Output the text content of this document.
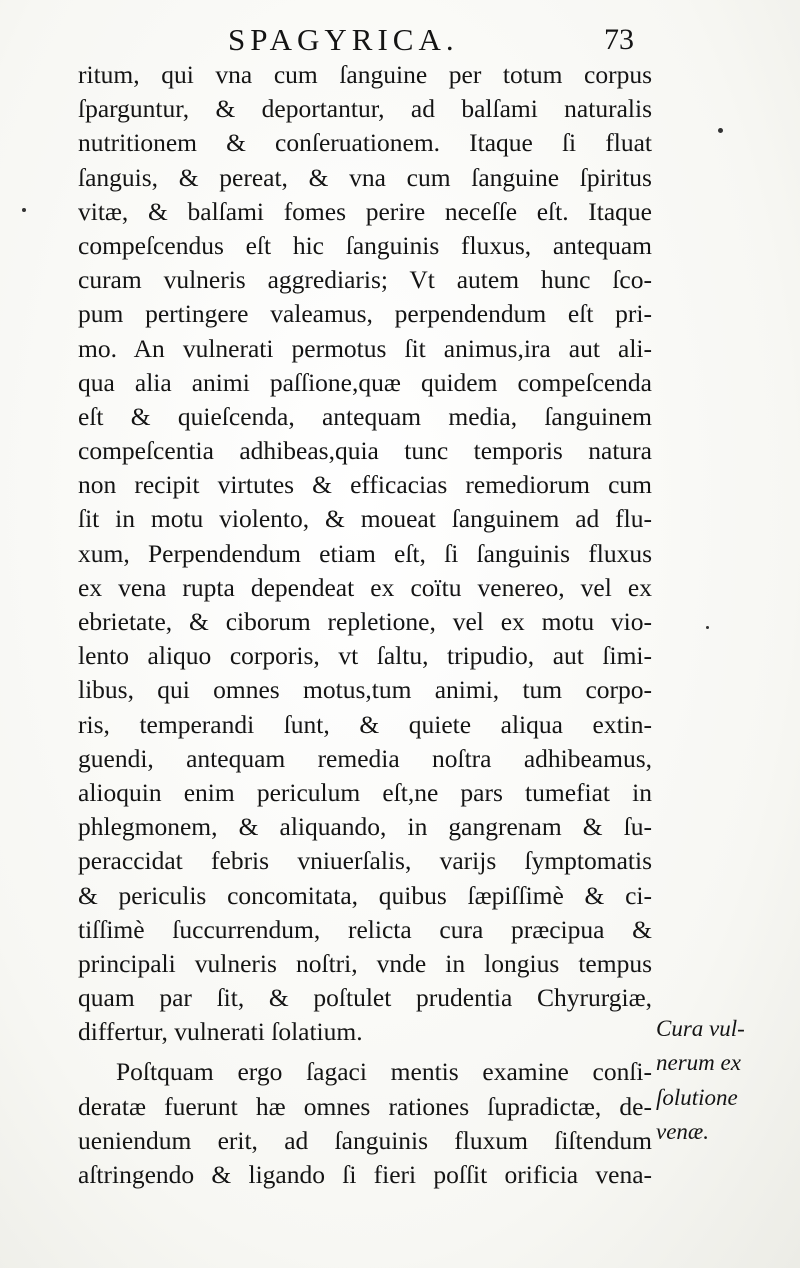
SPAGYRICA.	73
ritum, qui vna cum ſanguine per totum corpus
ſparguntur, & deportantur, ad balſami naturalis
nutritionem & conſeruationem. Itaque ſi fluat
ſanguis, & pereat, & vna cum ſanguine ſpiritus
vitæ, & balſami fomes perire neceſſe eſt. Itaque
compeſcendus eſt hic ſanguinis fluxus, antequam
curam vulneris aggrediaris; Vt autem hunc ſco-
pum pertingere valeamus, perpendendum eſt pri-
mo. An vulnerati permotus ſit animus,ira aut ali-
qua alia animi paſſione,quæ quidem compeſcenda
eſt & quieſcenda, antequam media, ſanguinem
compeſcentia adhibeas,quia tunc temporis natura
non recipit virtutes & efficacias remediorum cum
ſit in motu violento, & moueat ſanguinem ad flu-
xum, Perpendendum etiam eſt, ſi ſanguinis fluxus
ex vena rupta dependeat ex coïtu venereo, vel ex
ebrietate, & ciborum repletione, vel ex motu vio-
lento aliquo corporis, vt ſaltu, tripudio, aut ſimi-
libus, qui omnes motus,tum animi, tum corpo-
ris, temperandi ſunt, & quiete aliqua extin-
guendi, antequam remedia noſtra adhibeamus,
alioquin enim periculum eſt,ne pars tumefiat in
phlegmonem, & aliquando, in gangrenam & ſu-
peraccidat febris vniuerſalis, varijs ſymptomatis
& periculis concomitata, quibus ſæpiſſimè & ci-
tiſſimè ſuccurrendum, relicta cura præcipua &
principali vulneris noſtri, vnde in longius tempus
quam par ſit, & poſtulet prudentia Chyrurgiæ,
differtur, vulnerati ſolatium.
Poſtquam ergo ſagaci mentis examine conſi-
deratæ fuerunt hæ omnes rationes ſupradictæ, de-
ueniendum erit, ad ſanguinis fluxum ſiſtendum
aſtringendo & ligando ſi fieri poſſit orificia vena-
Cura vul-
nerum ex
ſolutione
venæ.
